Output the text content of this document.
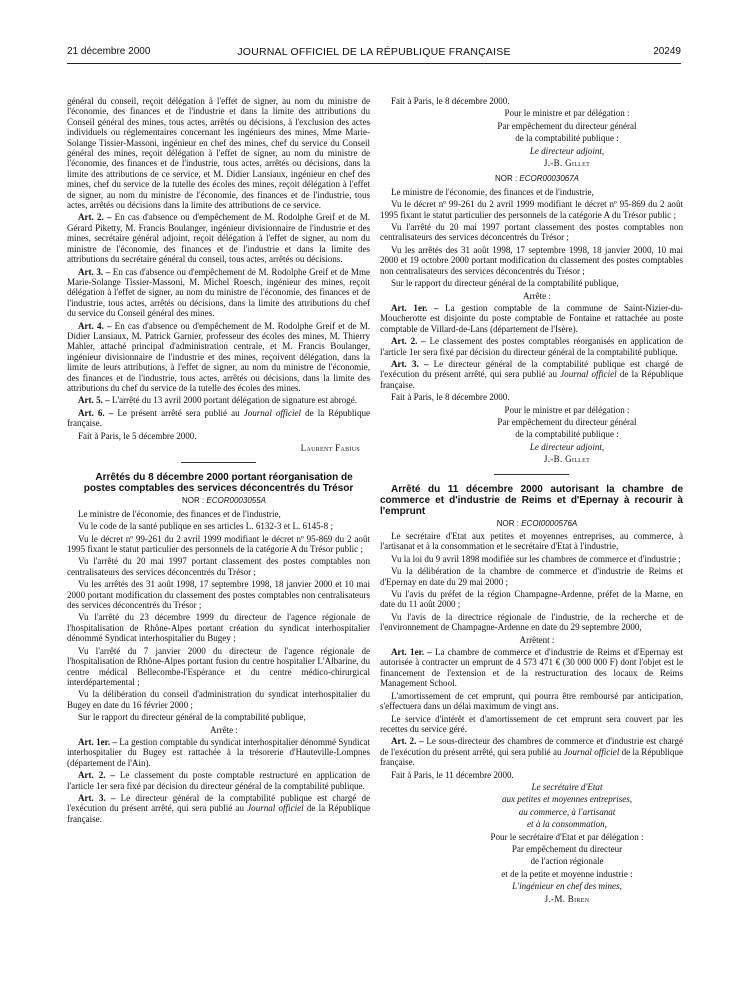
21 décembre 2000	JOURNAL OFFICIEL DE LA RÉPUBLIQUE FRANÇAISE	20249

général du conseil, reçoit délégation à l'effet de signer, au nom du ministre de l'économie, des finances et de l'industrie et dans la limite des attributions du Conseil général des mines, tous actes, arrêtés ou décisions, à l'exclusion des actes individuels ou réglementaires concernant les ingénieurs des mines, Mme Marie-Solange Tissier-Massoni, ingénieur en chef des mines, chef du service du Conseil général des mines, reçoit délégation à l'effet de signer, au nom du ministre de l'économie, des finances et de l'industrie, tous actes, arrêtés ou décisions, dans la limite des attributions de ce service, et M. Didier Lansiaux, ingénieur en chef des mines, chef du service de la tutelle des écoles des mines, reçoit délégation à l'effet de signer, au nom du ministre de l'économie, des finances et de l'industrie, tous actes, arrêtés ou décisions dans la limite des attributions de ce service.

Art. 2. – En cas d'absence ou d'empêchement de M. Rodolphe Greif et de M. Gérard Piketty, M. Francis Boulanger, ingénieur divisionnaire de l'industrie et des mines, secrétaire général adjoint, reçoit délégation à l'effet de signer, au nom du ministre de l'économie, des finances et de l'industrie et dans la limite des attributions du secrétaire général du conseil, tous actes, arrêtés ou décisions.

Art. 3. – En cas d'absence ou d'empêchement de M. Rodolphe Greif et de Mme Marie-Solange Tissier-Massoni, M. Michel Roesch, ingénieur des mines, reçoit délégation à l'effet de signer, au nom du ministre de l'économie, des finances et de l'industrie, tous actes, arrêtés ou décisions, dans la limite des attributions du chef du service du Conseil général des mines.

Art. 4. – En cas d'absence ou d'empêchement de M. Rodolphe Greif et de M. Didier Lansiaux, M. Patrick Garnier, professeur des écoles des mines, M. Thierry Mahler, attaché principal d'administration centrale, et M. Francis Boulanger, ingénieur divisionnaire de l'industrie et des mines, reçoivent délégation, dans la limite de leurs attributions, à l'effet de signer, au nom du ministre de l'économie, des finances et de l'industrie, tous actes, arrêtés ou décisions, dans la limite des attributions du chef du service de la tutelle des écoles des mines.

Art. 5. – L'arrêté du 13 avril 2000 portant délégation de signature est abrogé.

Art. 6. – Le présent arrêté sera publié au Journal officiel de la République française.

Fait à Paris, le 5 décembre 2000.

Laurent Fabius

Arrêtés du 8 décembre 2000 portant réorganisation de postes comptables des services déconcentrés du Trésor

NOR : ECOR0003055A

Le ministre de l'économie, des finances et de l'industrie,

Vu le code de la santé publique en ses articles L. 6132-3 et L. 6145-8 ;

Vu le décret nº 99-261 du 2 avril 1999 modifiant le décret nº 95-869 du 2 août 1995 fixant le statut particulier des personnels de la catégorie A du Trésor public ;

Vu l'arrêté du 20 mai 1997 portant classement des postes comptables non centralisateurs des services déconcentrés du Trésor ;

Vu les arrêtés des 31 août 1998, 17 septembre 1998, 18 janvier 2000 et 10 mai 2000 portant modification du classement des postes comptables non centralisateurs des services déconcentrés du Trésor ;

Vu l'arrêté du 23 décembre 1999 du directeur de l'agence régionale de l'hospitalisation de Rhône-Alpes portant création du syndicat interhospitalier dénommé Syndicat interhospitalier du Bugey ;

Vu l'arrêté du 7 janvier 2000 du directeur de l'agence régionale de l'hospitalisation de Rhône-Alpes portant fusion du centre hospitalier L'Albarine, du centre médical Bellecombe-l'Espérance et du centre médico-chirurgical interdépartemental ;

Vu la délibération du conseil d'administration du syndicat interhospitalier du Bugey en date du 16 février 2000 ;

Sur le rapport du directeur général de la comptabilité publique,

Arrête :

Art. 1er. – La gestion comptable du syndicat interhospitalier dénommé Syndicat interhospitalier du Bugey est rattachée à la trésorerie d'Hauteville-Lompnes (département de l'Ain).

Art. 2. – Le classement du poste comptable restructuré en application de l'article 1er sera fixé par décision du directeur général de la comptabilité publique.

Art. 3. – Le directeur général de la comptabilité publique est chargé de l'exécution du présent arrêté, qui sera publié au Journal officiel de la République française.

Fait à Paris, le 8 décembre 2000.

Pour le ministre et par délégation :

Par empêchement du directeur général

de la comptabilité publique :

Le directeur adjoint,

J.-B. Gillet

NOR : ECOR0003067A

Le ministre de l'économie, des finances et de l'industrie,

Vu le décret nº 99-261 du 2 avril 1999 modifiant le décret nº 95-869 du 2 août 1995 fixant le statut particulier des personnels de la catégorie A du Trésor public ;

Vu l'arrêté du 20 mai 1997 portant classement des postes comptables non centralisateurs des services déconcentrés du Trésor ;

Vu les arrêtés des 31 août 1998, 17 septembre 1998, 18 janvier 2000, 10 mai 2000 et 19 octobre 2000 portant modification du classement des postes comptables non centralisateurs des services déconcentrés du Trésor ;

Sur le rapport du directeur général de la comptabilité publique,

Arrête :

Art. 1er. – La gestion comptable de la commune de Saint-Nizier-du-Moucherotte est disjointe du poste comptable de Fontaine et rattachée au poste comptable de Villard-de-Lans (département de l'Isère).

Art. 2. – Le classement des postes comptables réorganisés en application de l'article 1er sera fixé par décision du directeur général de la comptabilité publique.

Art. 3. – Le directeur général de la comptabilité publique est chargé de l'exécution du présent arrêté, qui sera publié au Journal officiel de la République française.

Fait à Paris, le 8 décembre 2000.

Pour le ministre et par délégation :

Par empêchement du directeur général

de la comptabilité publique :

Le directeur adjoint,

J.-B. Gillet

Arrêté du 11 décembre 2000 autorisant la chambre de commerce et d'industrie de Reims et d'Epernay à recourir à l'emprunt

NOR : ECOI0000576A

Le secrétaire d'Etat aux petites et moyennes entreprises, au commerce, à l'artisanat et à la consommation et le secrétaire d'Etat à l'industrie,

Vu la loi du 9 avril 1898 modifiée sur les chambres de commerce et d'industrie ;

Vu la délibération de la chambre de commerce et d'industrie de Reims et d'Epernay en date du 29 mai 2000 ;

Vu l'avis du préfet de la région Champagne-Ardenne, préfet de la Marne, en date du 11 août 2000 ;

Vu l'avis de la directrice régionale de l'industrie, de la recherche et de l'environnement de Champagne-Ardenne en date du 29 septembre 2000,

Arrêtent :

Art. 1er. – La chambre de commerce et d'industrie de Reims et d'Epernay est autorisée à contracter un emprunt de 4 573 471 € (30 000 000 F) dont l'objet est le financement de l'extension et de la restructuration des locaux de Reims Management School.

L'amortissement de cet emprunt, qui pourra être remboursé par anticipation, s'effectuera dans un délai maximum de vingt ans.

Le service d'intérêt et d'amortissement de cet emprunt sera couvert par les recettes du service géré.

Art. 2. – Le sous-directeur des chambres de commerce et d'industrie est chargé de l'exécution du présent arrêté, qui sera publié au Journal officiel de la République française.

Fait à Paris, le 11 décembre 2000.

Le secrétaire d'Etat

aux petites et moyennes entreprises,

au commerce, à l'artisanat

et à la consommation,

Pour le secrétaire d'Etat et par délégation :

Par empêchement du directeur

de l'action régionale

et de la petite et moyenne industrie :

L'ingénieur en chef des mines,

J.-M. Biren
